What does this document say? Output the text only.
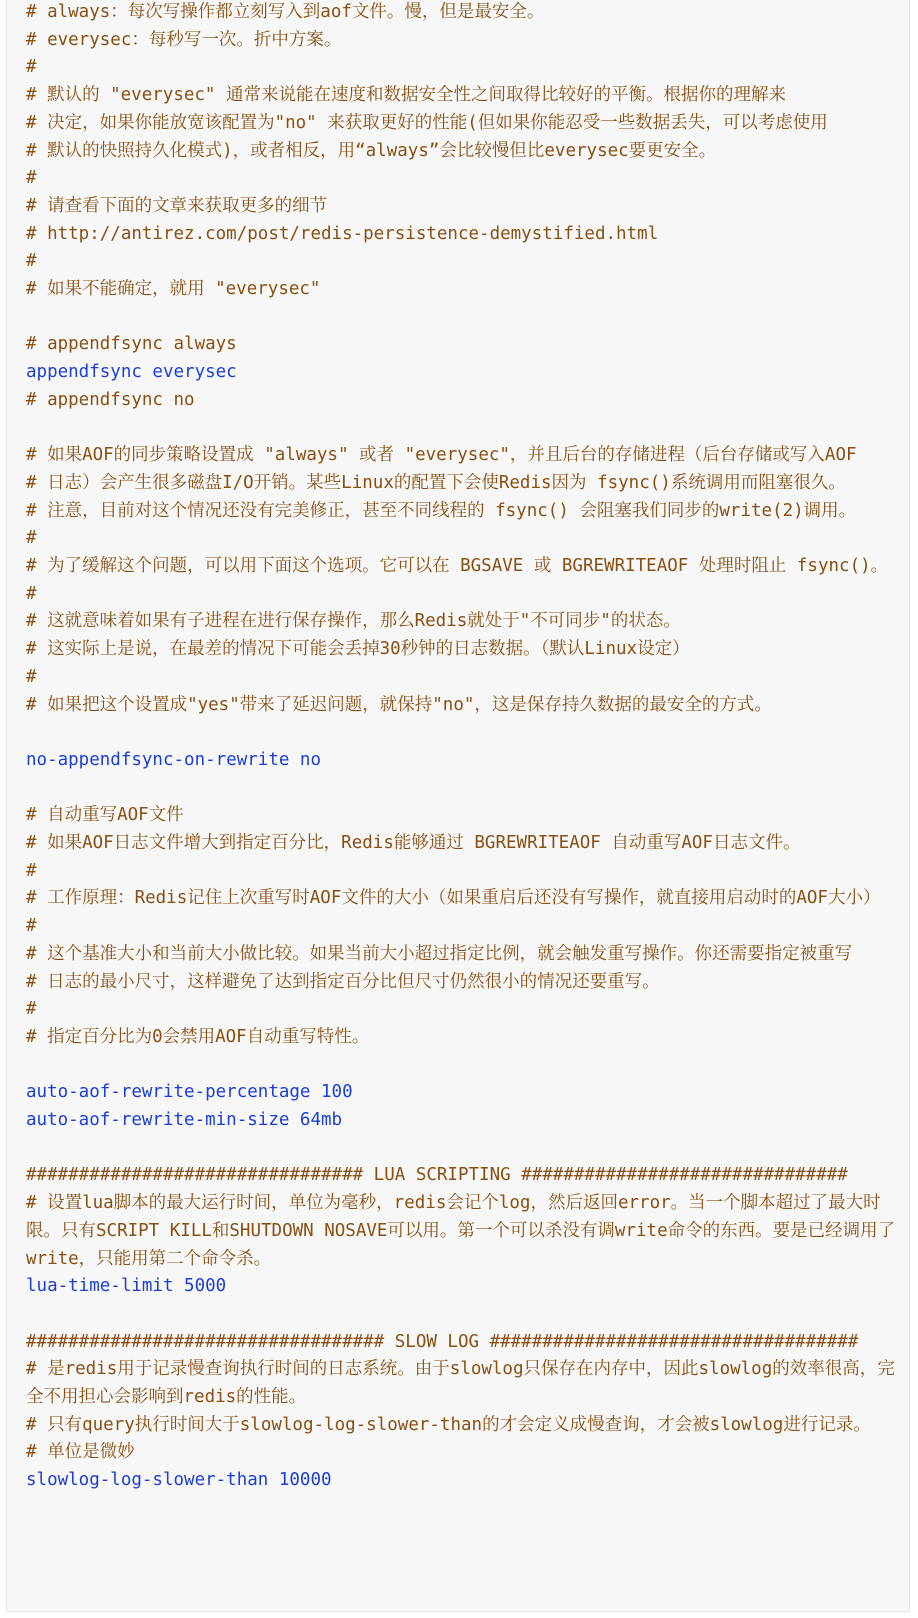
# always：每次写操作都立刻写入到aof文件。慢，但是最安全。
# everysec：每秒写一次。折中方案。
#
# 默认的 "everysec" 通常来说能在速度和数据安全性之间取得比较好的平衡。根据你的理解来
# 决定，如果你能放宽该配置为"no" 来获取更好的性能(但如果你能忍受一些数据丢失，可以考虑使用
# 默认的快照持久化模式)，或者相反，用“always”会比较慢但比everysec要更安全。
#
# 请查看下面的文章来获取更多的细节
# http://antirez.com/post/redis-persistence-demystified.html
#
# 如果不能确定，就用 "everysec"
# appendfsync always
appendfsync everysec
# appendfsync no
# 如果AOF的同步策略设置成 "always" 或者 "everysec"，并且后台的存储进程（后台存储或写入AOF
# 日志）会产生很多磁盘I/O开销。某些Linux的配置下会使Redis因为 fsync()系统调用而阻塞很久。
# 注意，目前对这个情况还没有完美修正，甚至不同线程的 fsync() 会阻塞我们同步的write(2)调用。
#
# 为了缓解这个问题，可以用下面这个选项。它可以在 BGSAVE 或 BGREWRITEAOF 处理时阻止 fsync()。
#
# 这就意味着如果有子进程在进行保存操作，那么Redis就处于"不可同步"的状态。
# 这实际上是说，在最差的情况下可能会丢掉30秒钟的日志数据。（默认Linux设定）
#
# 如果把这个设置成"yes"带来了延迟问题，就保持"no"，这是保存持久数据的最安全的方式。
no-appendfsync-on-rewrite no
# 自动重写AOF文件
# 如果AOF日志文件增大到指定百分比，Redis能够通过 BGREWRITEAOF 自动重写AOF日志文件。
#
# 工作原理：Redis记住上次重写时AOF文件的大小（如果重启后还没有写操作，就直接用启动时的AOF大小）
#
# 这个基准大小和当前大小做比较。如果当前大小超过指定比例，就会触发重写操作。你还需要指定被重写
# 日志的最小尺寸，这样避免了达到指定百分比但尺寸仍然很小的情况还要重写。
#
# 指定百分比为0会禁用AOF自动重写特性。
auto-aof-rewrite-percentage 100
auto-aof-rewrite-min-size 64mb
################################ LUA SCRIPTING ###############################
# 设置lua脚本的最大运行时间，单位为毫秒，redis会记个log，然后返回error。当一个脚本超过了最大时限。只有SCRIPT KILL和SHUTDOWN NOSAVE可以用。第一个可以杀没有调write命令的东西。要是已经调用了write，只能用第二个命令杀。
lua-time-limit 5000
################################## SLOW LOG ###################################
# 是redis用于记录慢查询执行时间的日志系统。由于slowlog只保存在内存中，因此slowlog的效率很高，完全不用担心会影响到redis的性能。
# 只有query执行时间大于slowlog-log-slower-than的才会定义成慢查询，才会被slowlog进行记录。
# 单位是微妙
slowlog-log-slower-than 10000
